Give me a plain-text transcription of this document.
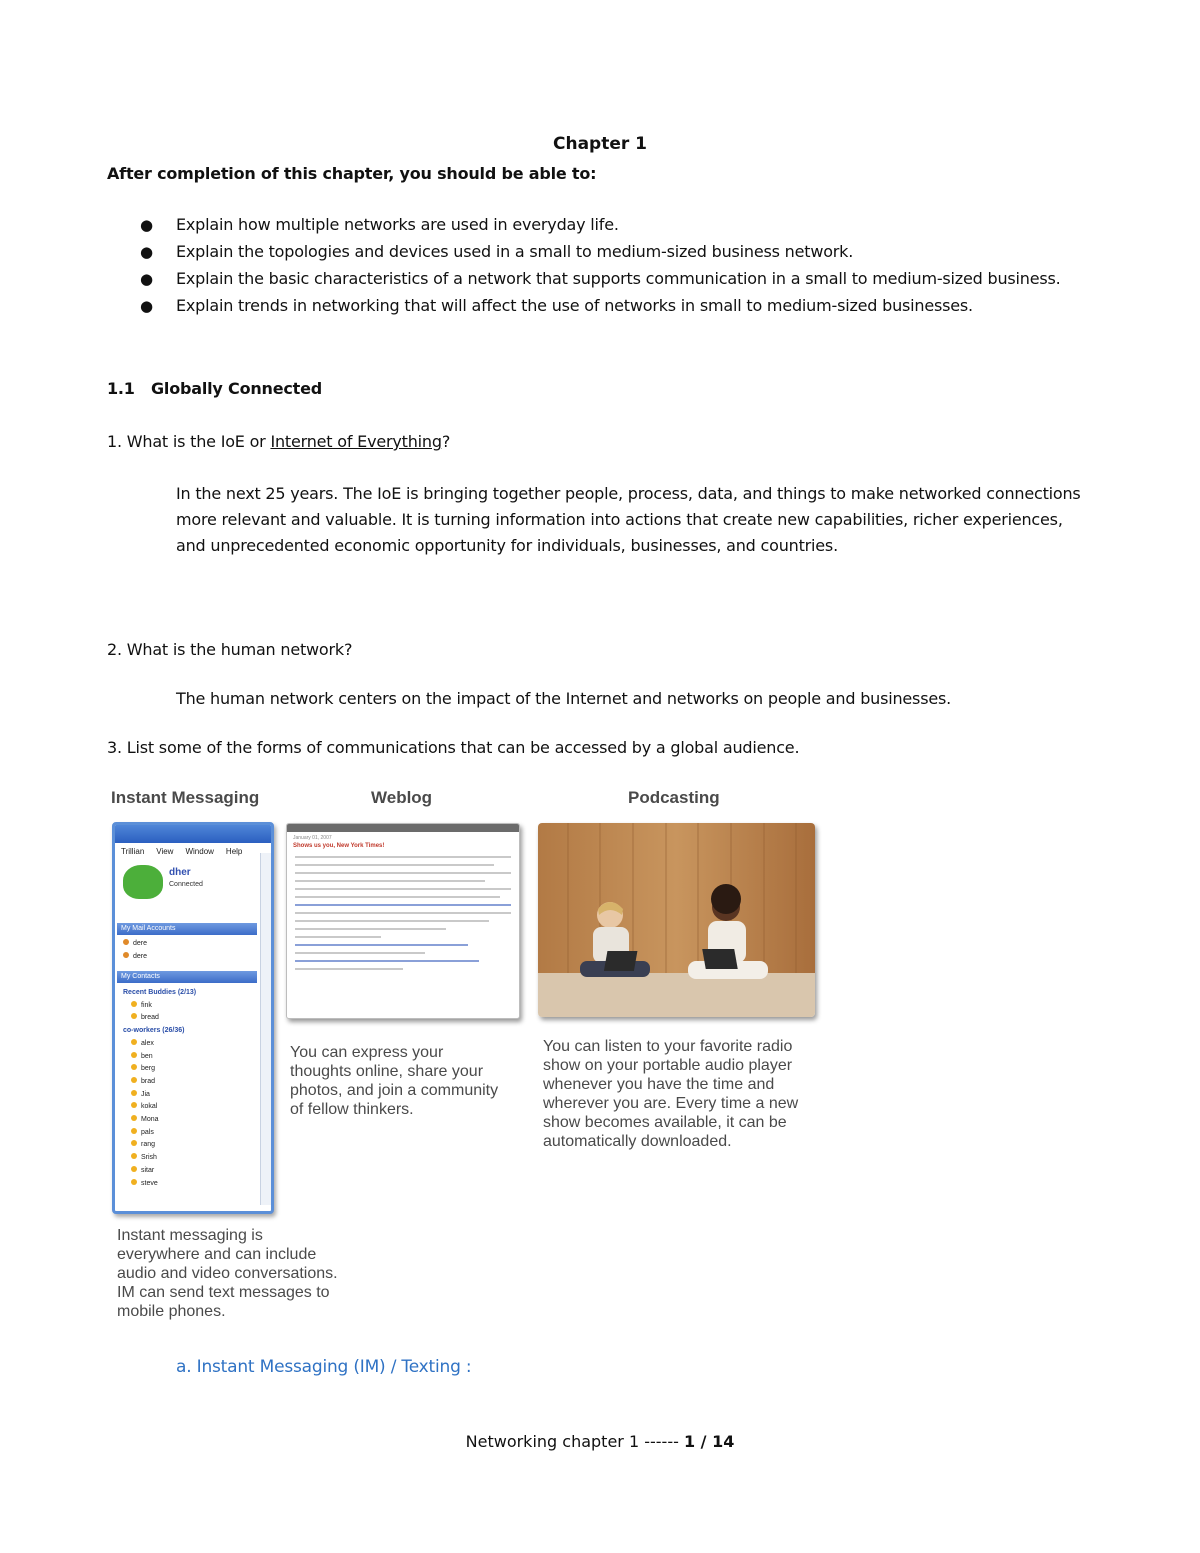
Chapter 1
After completion of this chapter, you should be able to:
● Explain how multiple networks are used in everyday life.
● Explain the topologies and devices used in a small to medium-sized business network.
● Explain the basic characteristics of a network that supports communication in a small to medium-sized business.
● Explain trends in networking that will affect the use of networks in small to medium-sized businesses.
1.1 Globally Connected
1. What is the IoE or Internet of Everything?
In the next 25 years. The IoE is bringing together people, process, data, and things to make networked connections more relevant and valuable. It is turning information into actions that create new capabilities, richer experiences, and unprecedented economic opportunity for individuals, businesses, and countries.
2. What is the human network?
The human network centers on the impact of the Internet and networks on people and businesses.
3. List some of the forms of communications that can be accessed by a global audience.
Instant Messaging	Weblog	Podcasting
Trillian View Window Help
dher
Connected
My Mail Accounts
dere
dere
My Contacts
Recent Buddies (2/13)
fink
bread
co-workers (26/36)
alex
ben
berg
brad
Jia
kokal
Mona
pals
rang
Srish
sitar
steve
January 01, 2007
Shows us you, New York Times!
You can express your
thoughts online, share your
photos, and join a community
of fellow thinkers.
You can listen to your favorite radio
show on your portable audio player
whenever you have the time and
wherever you are. Every time a new
show becomes available, it can be
automatically downloaded.
Instant messaging is
everywhere and can include
audio and video conversations.
IM can send text messages to
mobile phones.
a. Instant Messaging (IM) / Texting :
Networking chapter 1 ------ 1 / 14
